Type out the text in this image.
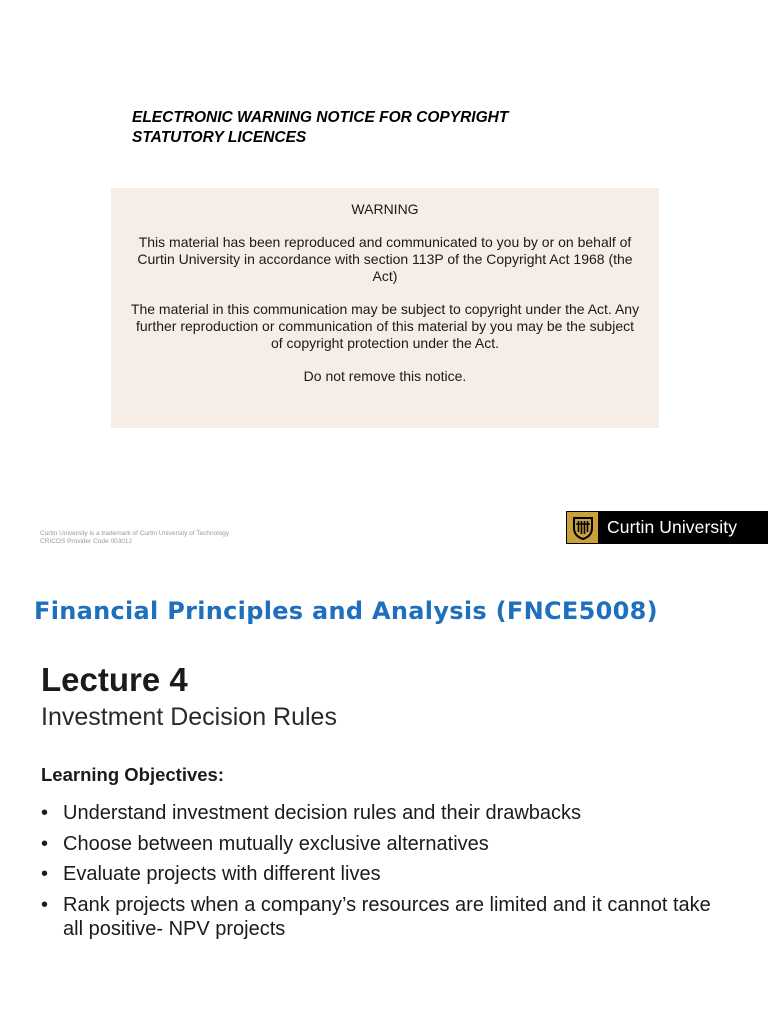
ELECTRONIC WARNING NOTICE FOR COPYRIGHT
STATUTORY LICENCES

WARNING

This material has been reproduced and communicated to you by or on behalf of Curtin University in accordance with section 113P of the Copyright Act 1968 (the Act)

The material in this communication may be subject to copyright under the Act. Any further reproduction or communication of this material by you may be the subject of copyright protection under the Act.

Do not remove this notice.

Curtin University is a trademark of Curtin University of Technology
CRICOS Provider Code 00301J
Curtin University
Financial Principles and Analysis (FNCE5008)
Lecture 4
Investment Decision Rules
Learning Objectives:
• Understand investment decision rules and their drawbacks
• Choose between mutually exclusive alternatives
• Evaluate projects with different lives
• Rank projects when a company’s resources are limited and it cannot take all positive- NPV projects
